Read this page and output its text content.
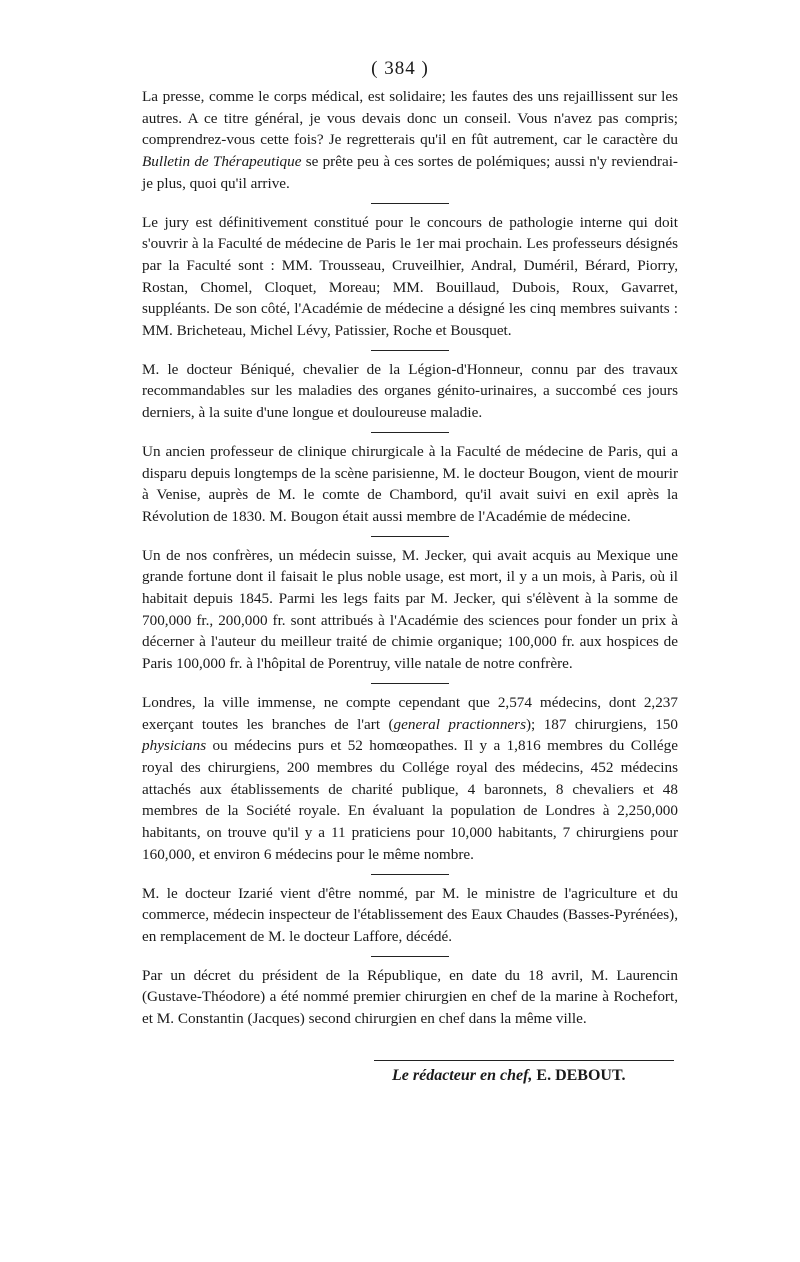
( 384 )

La presse, comme le corps médical, est solidaire; les fautes des uns rejaillissent sur les autres. A ce titre général, je vous devais donc un conseil. Vous n'avez pas compris; comprendrez-vous cette fois? Je regretterais qu'il en fût autrement, car le caractère du Bulletin de Thérapeutique se prête peu à ces sortes de polémiques; aussi n'y reviendrai-je plus, quoi qu'il arrive.

Le jury est définitivement constitué pour le concours de pathologie interne qui doit s'ouvrir à la Faculté de médecine de Paris le 1er mai prochain. Les professeurs désignés par la Faculté sont : MM. Trousseau, Cruveilhier, Andral, Duméril, Bérard, Piorry, Rostan, Chomel, Cloquet, Moreau; MM. Bouillaud, Dubois, Roux, Gavarret, suppléants. De son côté, l'Académie de médecine a désigné les cinq membres suivants : MM. Bricheteau, Michel Lévy, Patissier, Roche et Bousquet.

M. le docteur Béniqué, chevalier de la Légion-d'Honneur, connu par des travaux recommandables sur les maladies des organes génito-urinaires, a succombé ces jours derniers, à la suite d'une longue et douloureuse maladie.

Un ancien professeur de clinique chirurgicale à la Faculté de médecine de Paris, qui a disparu depuis longtemps de la scène parisienne, M. le docteur Bougon, vient de mourir à Venise, auprès de M. le comte de Chambord, qu'il avait suivi en exil après la Révolution de 1830. M. Bougon était aussi membre de l'Académie de médecine.

Un de nos confrères, un médecin suisse, M. Jecker, qui avait acquis au Mexique une grande fortune dont il faisait le plus noble usage, est mort, il y a un mois, à Paris, où il habitait depuis 1845. Parmi les legs faits par M. Jecker, qui s'élèvent à la somme de 700,000 fr., 200,000 fr. sont attribués à l'Académie des sciences pour fonder un prix à décerner à l'auteur du meilleur traité de chimie organique; 100,000 fr. aux hospices de Paris 100,000 fr. à l'hôpital de Porentruy, ville natale de notre confrère.

Londres, la ville immense, ne compte cependant que 2,574 médecins, dont 2,237 exerçant toutes les branches de l'art (general practionners); 187 chirurgiens, 150 physicians ou médecins purs et 52 homœopathes. Il y a 1,816 membres du Collége royal des chirurgiens, 200 membres du Collége royal des médecins, 452 médecins attachés aux établissements de charité publique, 4 baronnets, 8 chevaliers et 48 membres de la Société royale. En évaluant la population de Londres à 2,250,000 habitants, on trouve qu'il y a 11 praticiens pour 10,000 habitants, 7 chirurgiens pour 160,000, et environ 6 médecins pour le même nombre.

M. le docteur Izarié vient d'être nommé, par M. le ministre de l'agriculture et du commerce, médecin inspecteur de l'établissement des Eaux Chaudes (Basses-Pyrénées), en remplacement de M. le docteur Laffore, décédé.

Par un décret du président de la République, en date du 18 avril, M. Laurencin (Gustave-Théodore) a été nommé premier chirurgien en chef de la marine à Rochefort, et M. Constantin (Jacques) second chirurgien en chef dans la même ville.

Le rédacteur en chef, E. DEBOUT.
